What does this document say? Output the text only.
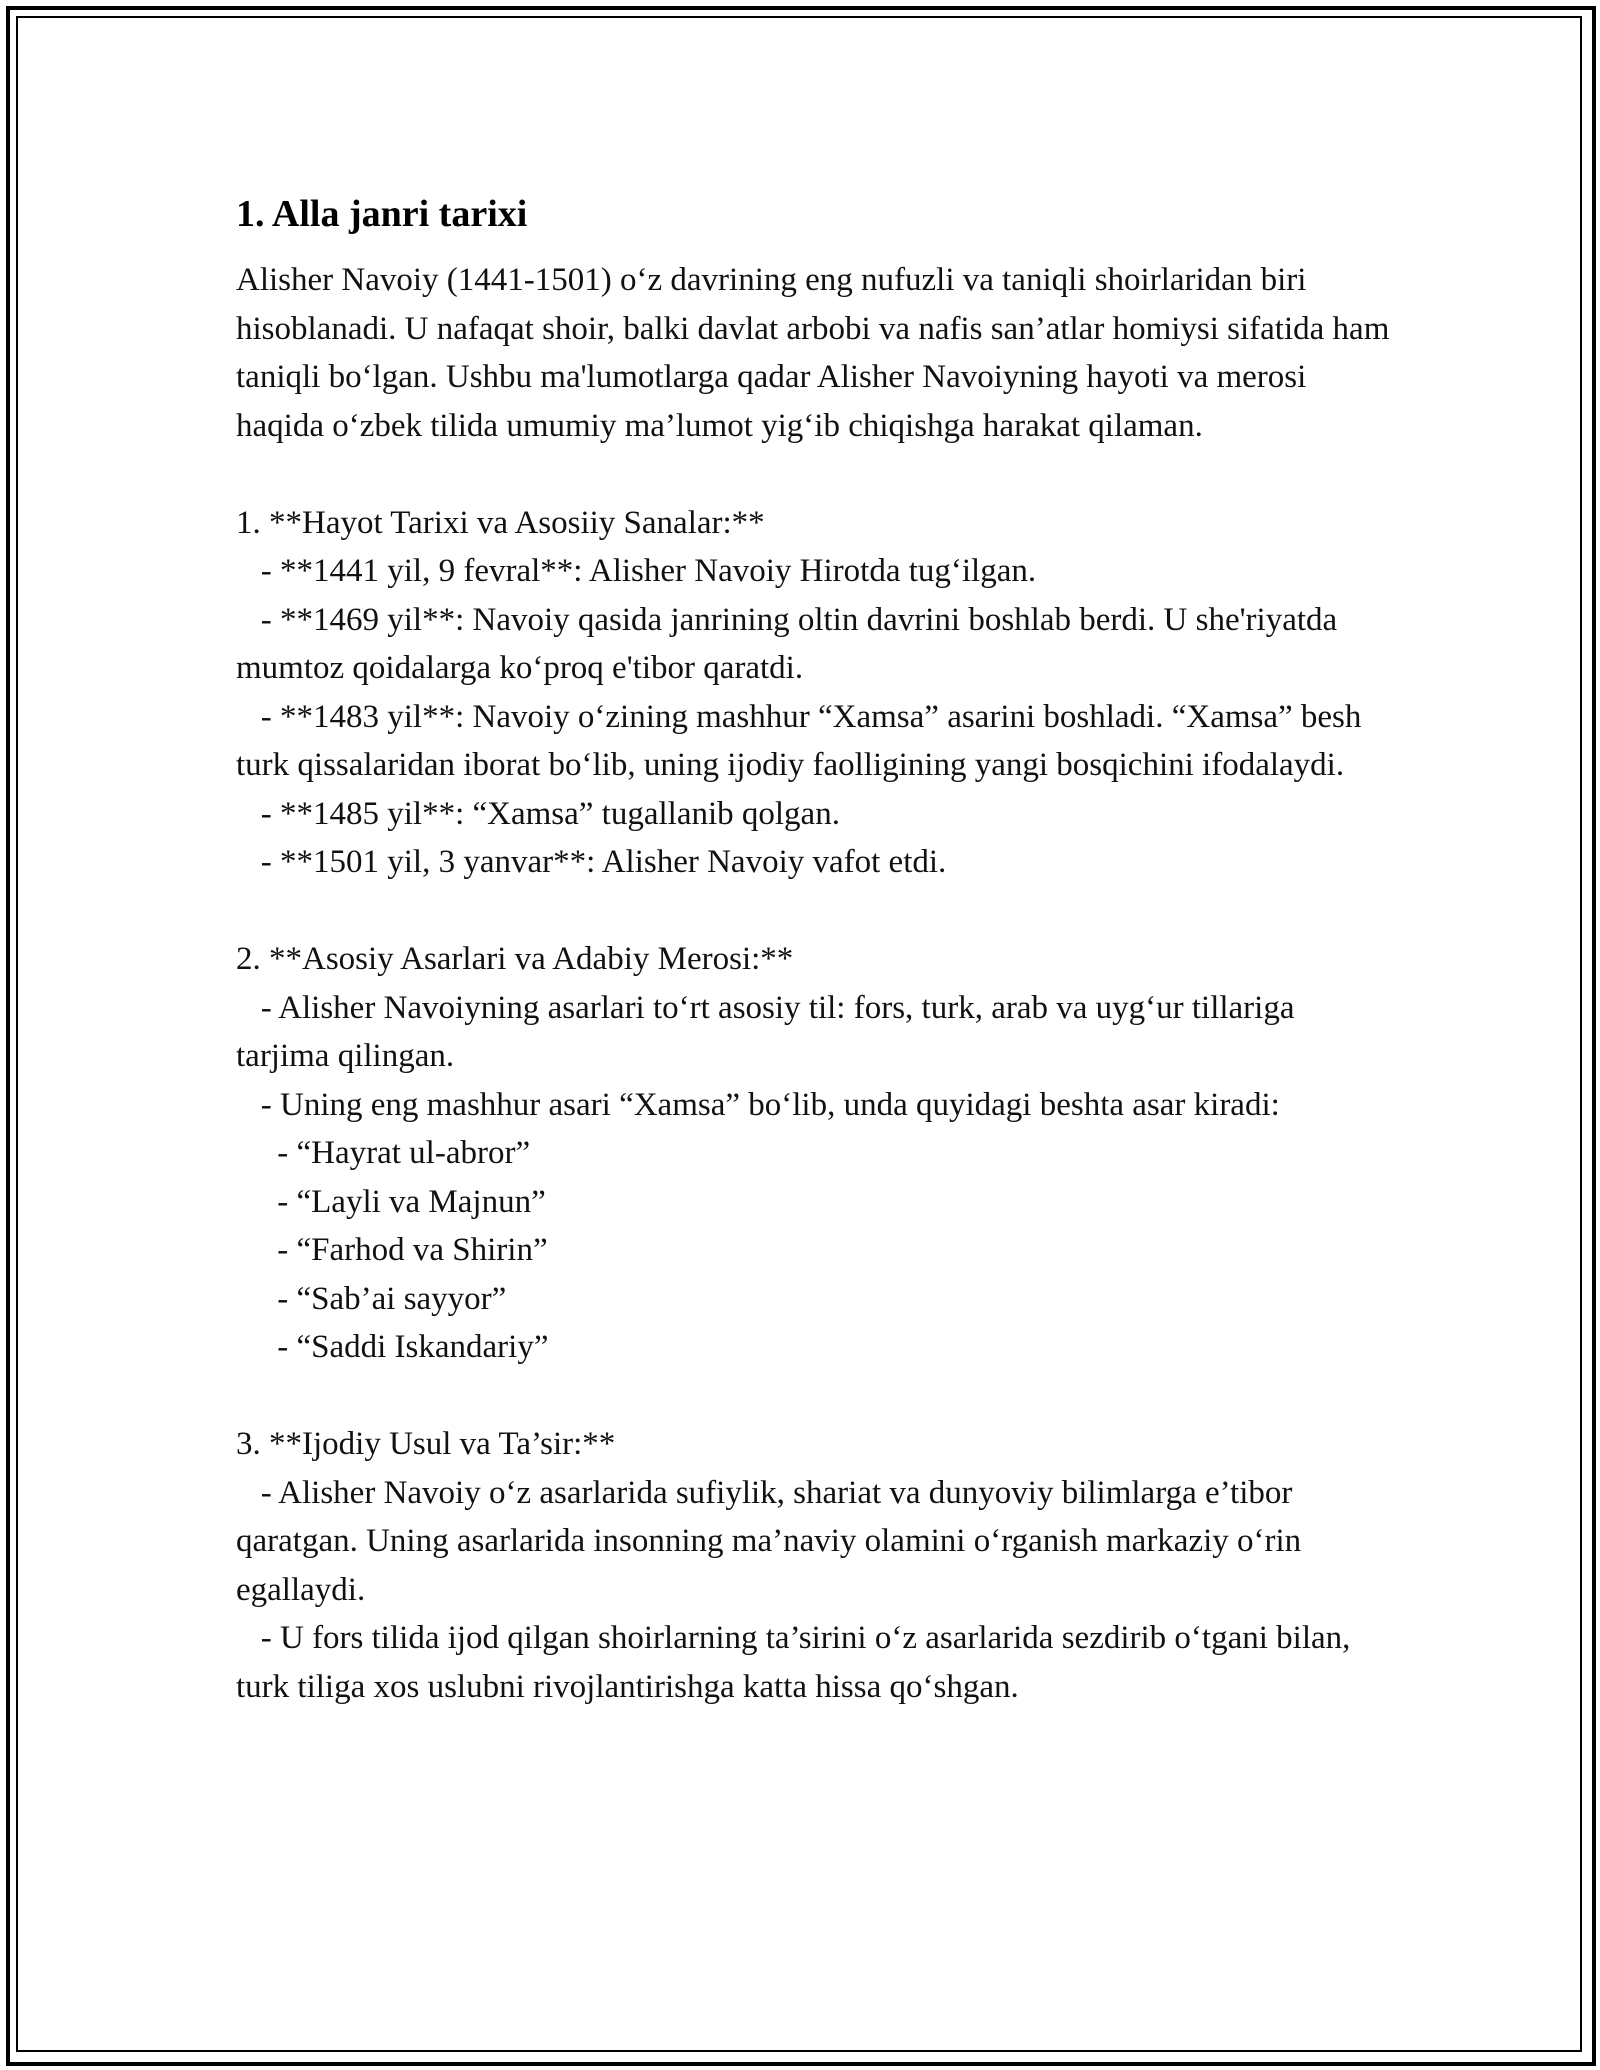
1. Alla janri tarixi

Alisher Navoiy (1441-1501) o‘z davrining eng nufuzli va taniqli shoirlaridan biri hisoblanadi. U nafaqat shoir, balki davlat arbobi va nafis san’atlar homiysi sifatida ham taniqli bo‘lgan. Ushbu ma'lumotlarga qadar Alisher Navoiyning hayoti va merosi haqida o‘zbek tilida umumiy ma’lumot yig‘ib chiqishga harakat qilaman.

1. **Hayot Tarixi va Asosiiy Sanalar:**

- **1441 yil, 9 fevral**: Alisher Navoiy Hirotda tug‘ilgan.

- **1469 yil**: Navoiy qasida janrining oltin davrini boshlab berdi. U she'riyatda mumtoz qoidalarga ko‘proq e'tibor qaratdi.

- **1483 yil**: Navoiy o‘zining mashhur “Xamsa” asarini boshladi. “Xamsa” besh turk qissalaridan iborat bo‘lib, uning ijodiy faolligining yangi bosqichini ifodalaydi.

- **1485 yil**: “Xamsa” tugallanib qolgan.

- **1501 yil, 3 yanvar**: Alisher Navoiy vafot etdi.

2. **Asosiy Asarlari va Adabiy Merosi:**

- Alisher Navoiyning asarlari to‘rt asosiy til: fors, turk, arab va uyg‘ur tillariga tarjima qilingan.

- Uning eng mashhur asari “Xamsa” bo‘lib, unda quyidagi beshta asar kiradi:

- “Hayrat ul-abror”

- “Layli va Majnun”

- “Farhod va Shirin”

- “Sab’ai sayyor”

- “Saddi Iskandariy”

3. **Ijodiy Usul va Ta’sir:**

- Alisher Navoiy o‘z asarlarida sufiylik, shariat va dunyoviy bilimlarga e’tibor qaratgan. Uning asarlarida insonning ma’naviy olamini o‘rganish markaziy o‘rin egallaydi.

- U fors tilida ijod qilgan shoirlarning ta’sirini o‘z asarlarida sezdirib o‘tgani bilan, turk tiliga xos uslubni rivojlantirishga katta hissa qo‘shgan.
